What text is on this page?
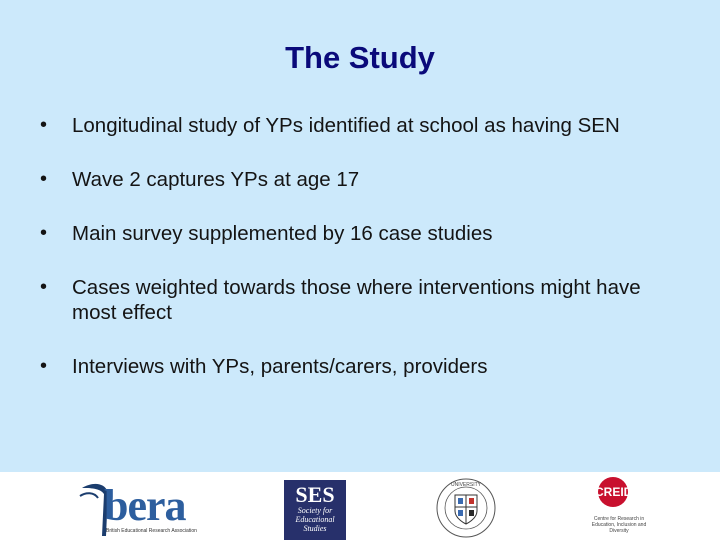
The Study
• Longitudinal study of YPs identified at school as having SEN
• Wave 2 captures YPs at age 17
• Main survey supplemented by 16 case studies
• Cases weighted towards those where interventions might have most effect
• Interviews with YPs, parents/carers, providers
bera
British Educational Research Association
SES
Society for Educational Studies
UNIVERSITY	CREID
Centre for Research in Education, Inclusion and Diversity
